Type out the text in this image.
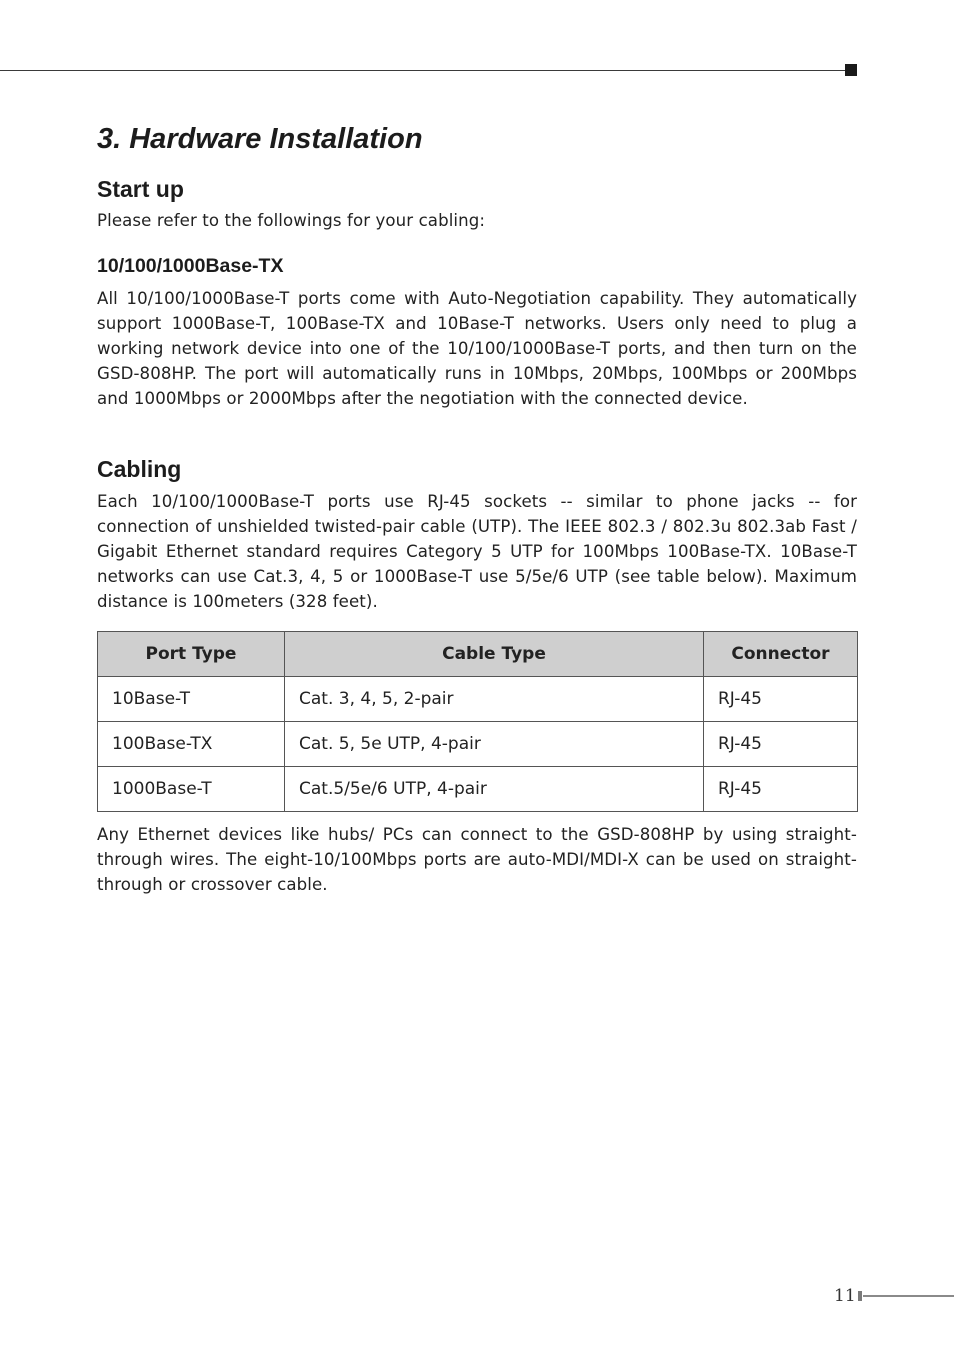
3. Hardware Installation
Start up

Please refer to the followings for your cabling:

10/100/1000Base-TX

All 10/100/1000Base-T ports come with Auto-Negotiation capability. They automatically support 1000Base-T, 100Base-TX and 10Base-T networks. Users only need to plug a working network device into one of the 10/100/1000Base-T ports, and then turn on the GSD-808HP. The port will automatically runs in 10Mbps, 20Mbps, 100Mbps or 200Mbps and 1000Mbps or 2000Mbps after the negotiation with the connected device.

Cabling

Each 10/100/1000Base-T ports use RJ-45 sockets -- similar to phone jacks -- for connection of unshielded twisted-pair cable (UTP). The IEEE 802.3 / 802.3u 802.3ab Fast / Gigabit Ethernet standard requires Category 5 UTP for 100Mbps 100Base-TX. 10Base-T networks can use Cat.3, 4, 5 or 1000Base-T use 5/5e/6 UTP (see table below). Maximum distance is 100meters (328 feet).

Port Type	Cable Type	Connector
10Base-T	Cat. 3, 4, 5, 2-pair	RJ-45
100Base-TX	Cat. 5, 5e UTP, 4-pair	RJ-45
1000Base-T	Cat.5/5e/6 UTP, 4-pair	RJ-45

Any Ethernet devices like hubs/ PCs can connect to the GSD-808HP by using straight-through wires. The eight-10/100Mbps ports are auto-MDI/MDI-X can be used on straight-through or crossover cable.

11
